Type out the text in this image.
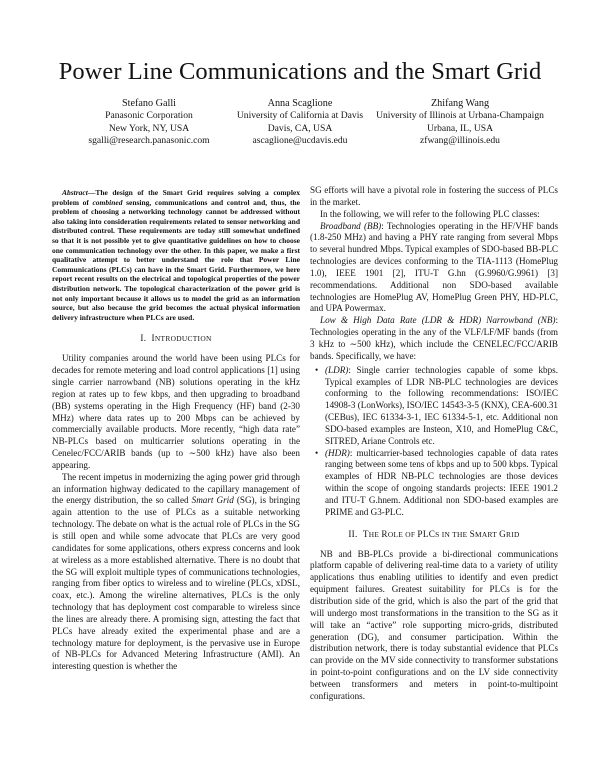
Power Line Communications and the Smart Grid
Stefano Galli
Panasonic Corporation
New York, NY, USA
sgalli@research.panasonic.com
Anna Scaglione
University of California at Davis
Davis, CA, USA
ascaglione@ucdavis.edu
Zhifang Wang
University of Illinois at Urbana-Champaign
Urbana, IL, USA
zfwang@illinois.edu

Abstract—The design of the Smart Grid requires solving a complex problem of combined sensing, communications and control and, thus, the problem of choosing a networking technology cannot be addressed without also taking into consideration requirements related to sensor networking and distributed control. These requirements are today still somewhat undefined so that it is not possible yet to give quantitative guidelines on how to choose one communication technology over the other. In this paper, we make a first qualitative attempt to better understand the role that Power Line Communications (PLCs) can have in the Smart Grid. Furthermore, we here report recent results on the electrical and topological properties of the power distribution network. The topological characterization of the power grid is not only important because it allows us to model the grid as an information source, but also because the grid becomes the actual physical information delivery infrastructure when PLCs are used.

I. INTRODUCTION

Utility companies around the world have been using PLCs for decades for remote metering and load control applications [1] using single carrier narrowband (NB) solutions operating in the kHz region at rates up to few kbps, and then upgrading to broadband (BB) systems operating in the High Frequency (HF) band (2-30 MHz) where data rates up to 200 Mbps can be achieved by commercially available products. More recently, “high data rate” NB-PLCs based on multicarrier solutions operating in the Cenelec/FCC/ARIB bands (up to ∼500 kHz) have also been appearing.

The recent impetus in modernizing the aging power grid through an information highway dedicated to the capillary management of the energy distribution, the so called Smart Grid (SG), is bringing again attention to the use of PLCs as a suitable networking technology. The debate on what is the actual role of PLCs in the SG is still open and while some advocate that PLCs are very good candidates for some applications, others express concerns and look at wireless as a more established alternative. There is no doubt that the SG will exploit multiple types of communications technologies, ranging from fiber optics to wireless and to wireline (PLCs, xDSL, coax, etc.). Among the wireline alternatives, PLCs is the only technology that has deployment cost comparable to wireless since the lines are already there. A promising sign, attesting the fact that PLCs have already exited the experimental phase and are a technology mature for deployment, is the pervasive use in Europe of NB-PLCs for Advanced Metering Infrastructure (AMI). An interesting question is whether the

SG efforts will have a pivotal role in fostering the success of PLCs in the market.

In the following, we will refer to the following PLC classes:

Broadband (BB): Technologies operating in the HF/VHF bands (1.8-250 MHz) and having a PHY rate ranging from several Mbps to several hundred Mbps. Typical examples of SDO-based BB-PLC technologies are devices conforming to the TIA-1113 (HomePlug 1.0), IEEE 1901 [2], ITU-T G.hn (G.9960/G.9961) [3] recommendations. Additional non SDO-based available technologies are HomePlug AV, HomePlug Green PHY, HD-PLC, and UPA Powermax.

Low & High Data Rate (LDR & HDR) Narrowband (NB): Technologies operating in the any of the VLF/LF/MF bands (from 3 kHz to ∼500 kHz), which include the CENELEC/FCC/ARIB bands. Specifically, we have:

• (LDR): Single carrier technologies capable of some kbps. Typical examples of LDR NB-PLC technologies are devices conforming to the following recommendations: ISO/IEC 14908-3 (LonWorks), ISO/IEC 14543-3-5 (KNX), CEA-600.31 (CEBus), IEC 61334-3-1, IEC 61334-5-1, etc. Additional non SDO-based examples are Insteon, X10, and HomePlug C&C, SITRED, Ariane Controls etc.
• (HDR): multicarrier-based technologies capable of data rates ranging between some tens of kbps and up to 500 kbps. Typical examples of HDR NB-PLC technologies are those devices within the scope of ongoing standards projects: IEEE 1901.2 and ITU-T G.hnem. Additional non SDO-based examples are PRIME and G3-PLC.
II. THE ROLE OF PLCS IN THE SMART GRID

NB and BB-PLCs provide a bi-directional communications platform capable of delivering real-time data to a variety of utility applications thus enabling utilities to identify and even predict equipment failures. Greatest suitability for PLCs is for the distribution side of the grid, which is also the part of the grid that will undergo most transformations in the transition to the SG as it will take an “active” role supporting micro-grids, distributed generation (DG), and consumer participation. Within the distribution network, there is today substantial evidence that PLCs can provide on the MV side connectivity to transformer substations in point-to-point configurations and on the LV side connectivity between transformers and meters in point-to-multipoint configurations.
